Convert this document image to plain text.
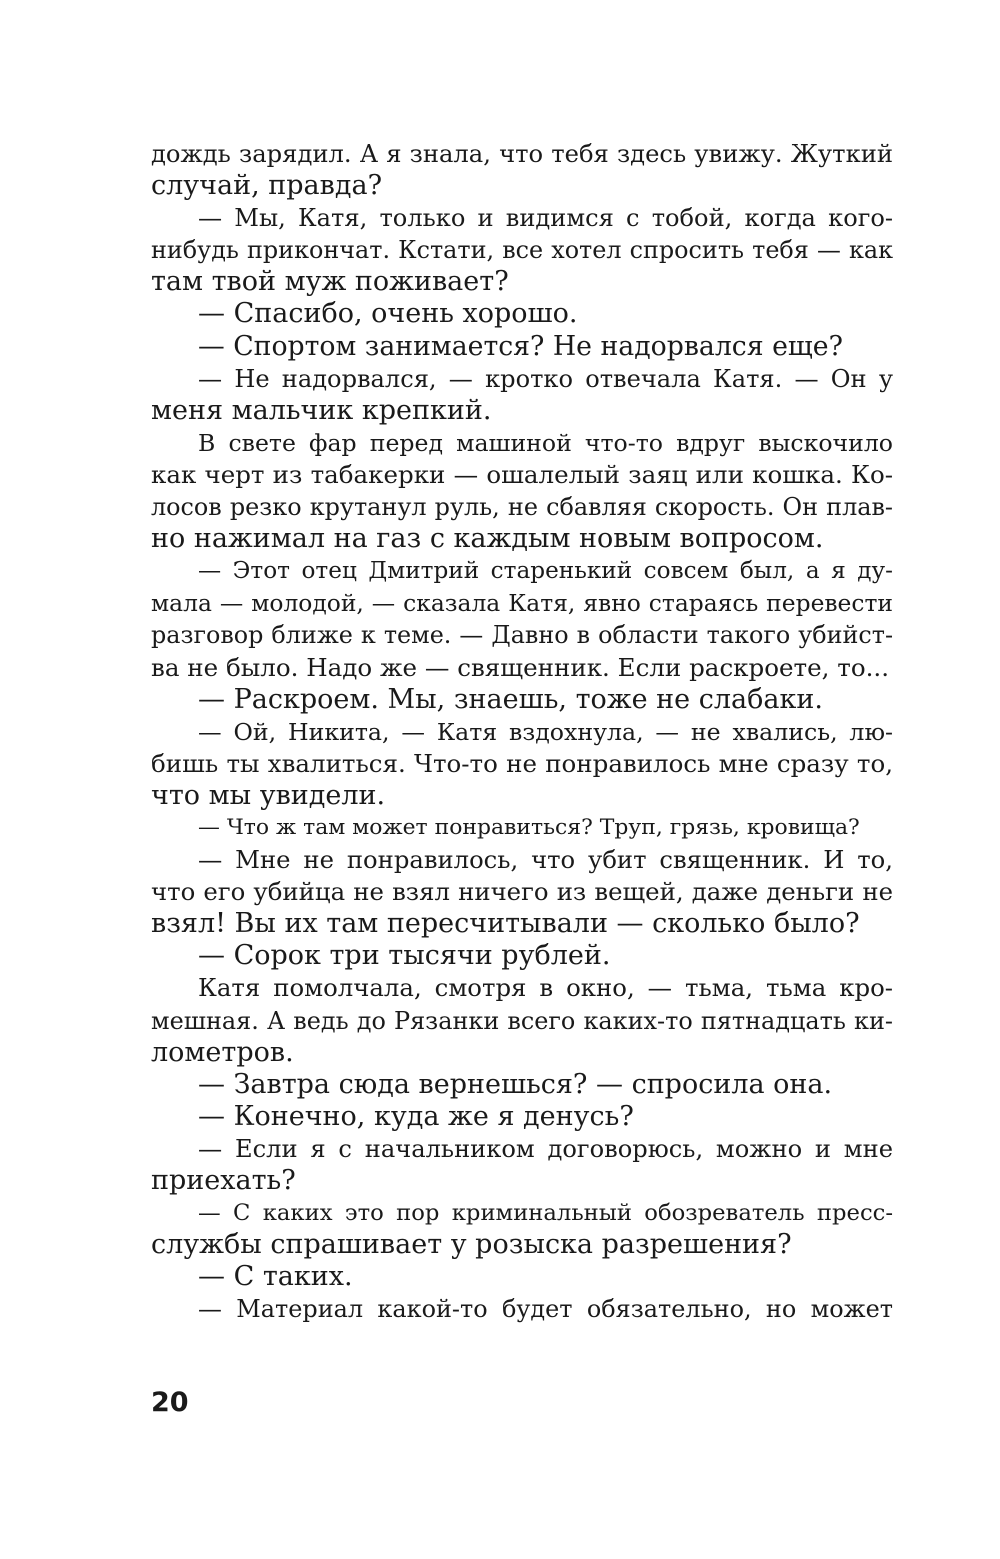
дождь зарядил. А я знала, что тебя здесь увижу. Жуткий
случай, правда?
— Мы, Катя, только и видимся с тобой, когда кого-
нибудь прикончат. Кстати, все хотел спросить тебя — как
там твой муж поживает?
— Спасибо, очень хорошо.
— Спортом занимается? Не надорвался еще?
— Не надорвался, — кротко отвечала Катя. — Он у
меня мальчик крепкий.
В свете фар перед машиной что-то вдруг выскочило
как черт из табакерки — ошалелый заяц или кошка. Ко-
лосов резко крутанул руль, не сбавляя скорость. Он плав-
но нажимал на газ с каждым новым вопросом.
— Этот отец Дмитрий старенький совсем был, а я ду-
мала — молодой, — сказала Катя, явно стараясь перевести
разговор ближе к теме. — Давно в области такого убийст-
ва не было. Надо же — священник. Если раскроете, то...
— Раскроем. Мы, знаешь, тоже не слабаки.
— Ой, Никита, — Катя вздохнула, — не хвались, лю-
бишь ты хвалиться. Что-то не понравилось мне сразу то,
что мы увидели.
— Что ж там может понравиться? Труп, грязь, кровища?
— Мне не понравилось, что убит священник. И то,
что его убийца не взял ничего из вещей, даже деньги не
взял! Вы их там пересчитывали — сколько было?
— Сорок три тысячи рублей.
Катя помолчала, смотря в окно, — тьма, тьма кро-
мешная. А ведь до Рязанки всего каких-то пятнадцать ки-
лометров.
— Завтра сюда вернешься? — спросила она.
— Конечно, куда же я денусь?
— Если я с начальником договорюсь, можно и мне
приехать?
— С каких это пор криминальный обозреватель пресс-
службы спрашивает у розыска разрешения?
— С таких.
— Материал какой-то будет обязательно, но может
20
